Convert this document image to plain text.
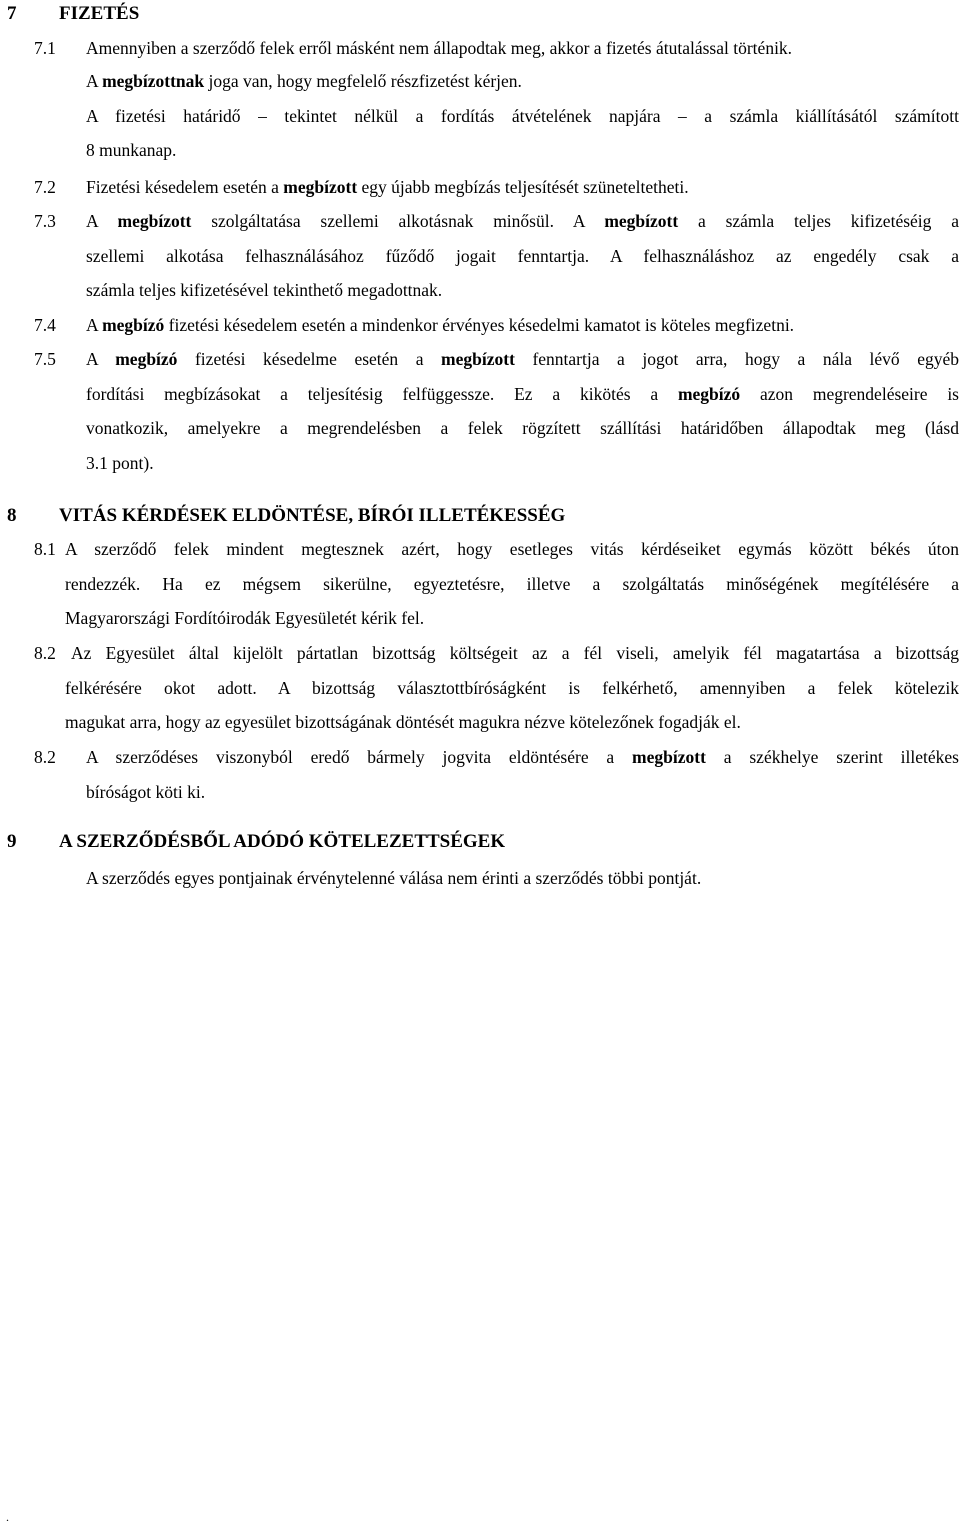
7 FIZETÉS
7.1 Amennyiben a szerződő felek erről másként nem állapodtak meg, akkor a fizetés átutalással történik.
A megbízottnak joga van, hogy megfelelő részfizetést kérjen.
A fizetési határidő – tekintet nélkül a fordítás átvételének napjára – a számla kiállításától számított
8 munkanap.
7.2 Fizetési késedelem esetén a megbízott egy újabb megbízás teljesítését szüneteltetheti.
7.3 A megbízott szolgáltatása szellemi alkotásnak minősül. A megbízott a számla teljes kifizetéséig a
szellemi alkotása felhasználásához fűződő jogait fenntartja. A felhasználáshoz az engedély csak a
számla teljes kifizetésével tekinthető megadottnak.
7.4 A megbízó fizetési késedelem esetén a mindenkor érvényes késedelmi kamatot is köteles megfizetni.
7.5 A megbízó fizetési késedelme esetén a megbízott fenntartja a jogot arra, hogy a nála lévő egyéb
fordítási megbízásokat a teljesítésig felfüggessze. Ez a kikötés a megbízó azon megrendeléseire is
vonatkozik, amelyekre a megrendelésben a felek rögzített szállítási határidőben állapodtak meg (lásd
3.1 pont).
8 VITÁS KÉRDÉSEK ELDÖNTÉSE, BÍRÓI ILLETÉKESSÉG
8.1 A szerződő felek mindent megtesznek azért, hogy esetleges vitás kérdéseiket egymás között békés úton
rendezzék. Ha ez mégsem sikerülne, egyeztetésre, illetve a szolgáltatás minőségének megítélésére a
Magyarországi Fordítóirodák Egyesületét kérik fel.
8.2 Az Egyesület által kijelölt pártatlan bizottság költségeit az a fél viseli, amelyik fél magatartása a bizottság
felkérésére okot adott. A bizottság választottbíróságként is felkérhető, amennyiben a felek kötelezik
magukat arra, hogy az egyesület bizottságának döntését magukra nézve kötelezőnek fogadják el.
8.2 A szerződéses viszonyból eredő bármely jogvita eldöntésére a megbízott a székhelye szerint illetékes
bíróságot köti ki.
9 A SZERZŐDÉSBŐL ADÓDÓ KÖTELEZETTSÉGEK
A szerződés egyes pontjainak érvénytelenné válása nem érinti a szerződés többi pontját.
.
